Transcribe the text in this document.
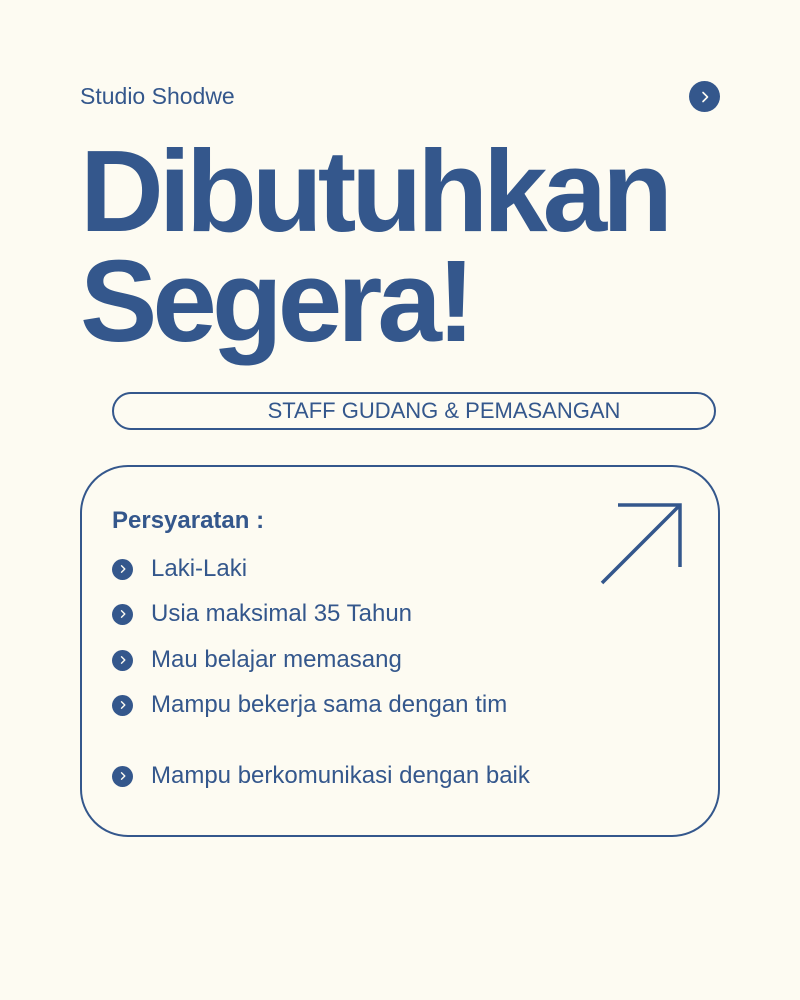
Studio Shodwe
Dibutuhkan
Segera!
STAFF GUDANG & PEMASANGAN
Persyaratan :
Laki-Laki
Usia maksimal 35 Tahun
Mau belajar memasang
Mampu bekerja sama dengan tim
Mampu berkomunikasi dengan baik
